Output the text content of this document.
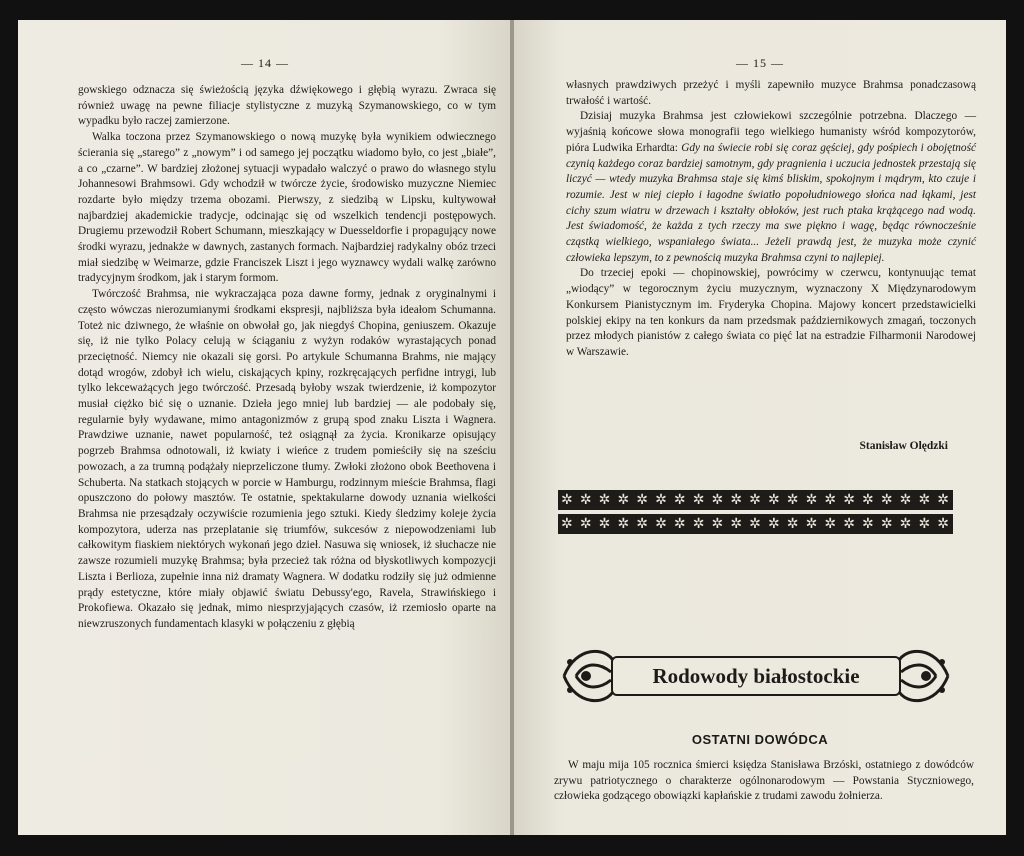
— 14 —

gowskiego odznacza się świeżością języka dźwiękowego i głębią wyrazu. Zwraca się również uwagę na pewne filiacje stylistyczne z muzyką Szymanowskiego, co w tym wypadku było raczej zamierzone.

Walka toczona przez Szymanowskiego o nową muzykę była wynikiem odwiecznego ścierania się „starego” z „nowym” i od samego jej początku wiadomo było, co jest „białe”, a co „czarne”. W bardziej złożonej sytuacji wypadało walczyć o prawo do własnego stylu Johannesowi Brahmsowi. Gdy wchodził w twórcze życie, środowisko muzyczne Niemiec rozdarte było między trzema obozami. Pierwszy, z siedzibą w Lipsku, kultywował najbardziej akademickie tradycje, odcinając się od wszelkich tendencji postępowych. Drugiemu przewodził Robert Schumann, mieszkający w Duesseldorfie i propagujący nowe środki wyrazu, jednakże w dawnych, zastanych formach. Najbardziej radykalny obóz trzeci miał siedzibę w Weimarze, gdzie Franciszek Liszt i jego wyznawcy wydali walkę zarówno tradycyjnym środkom, jak i starym formom.

Twórczość Brahmsa, nie wykraczająca poza dawne formy, jednak z oryginalnymi i często wówczas nierozumianymi środkami ekspresji, najbliższa była ideałom Schumanna. Toteż nic dziwnego, że właśnie on obwołał go, jak niegdyś Chopina, geniuszem. Okazuje się, iż nie tylko Polacy celują w ściąganiu z wyżyn rodaków wyrastających ponad przeciętność. Niemcy nie okazali się gorsi. Po artykule Schumanna Brahms, nie mający dotąd wrogów, zdobył ich wielu, ciskających kpiny, rozkręcających perfidne intrygi, lub tylko lekceważących jego twórczość. Przesadą byłoby wszak twierdzenie, iż kompozytor musiał ciężko bić się o uznanie. Dzieła jego mniej lub bardziej — ale podobały się, regularnie były wydawane, mimo antagonizmów z grupą spod znaku Liszta i Wagnera. Prawdziwe uznanie, nawet popularność, też osiągnął za życia. Kronikarze opisujący pogrzeb Brahmsa odnotowali, iż kwiaty i wieńce z trudem pomieściły się na sześciu powozach, a za trumną podążały nieprzeliczone tłumy. Zwłoki złożono obok Beethovena i Schuberta. Na statkach stojących w porcie w Hamburgu, rodzinnym mieście Brahmsa, flagi opuszczono do połowy masztów. Te ostatnie, spektakularne dowody uznania wielkości Brahmsa nie przesądzały oczywiście rozumienia jego sztuki. Kiedy śledzimy koleje życia kompozytora, uderza nas przeplatanie się triumfów, sukcesów z niepowodzeniami lub całkowitym fiaskiem niektórych wykonań jego dzieł. Nasuwa się wniosek, iż słuchacze nie zawsze rozumieli muzykę Brahmsa; była przecież tak różna od błyskotliwych kompozycji Liszta i Berlioza, zupełnie inna niż dramaty Wagnera. W dodatku rodziły się już odmienne prądy estetyczne, które miały objawić światu Debussy'ego, Ravela, Strawińskiego i Prokofiewa. Okazało się jednak, mimo niesprzyjających czasów, iż rzemiosło oparte na niewzruszonych fundamentach klasyki w połączeniu z głębią

— 15 —

własnych prawdziwych przeżyć i myśli zapewniło muzyce Brahmsa ponadczasową trwałość i wartość.

Dzisiaj muzyka Brahmsa jest człowiekowi szczególnie potrzebna. Dlaczego — wyjaśnią końcowe słowa monografii tego wielkiego humanisty wśród kompozytorów, pióra Ludwika Erhardta: Gdy na świecie robi się coraz gęściej, gdy pośpiech i obojętność czynią każdego coraz bardziej samotnym, gdy pragnienia i uczucia jednostek przestają się liczyć — wtedy muzyka Brahmsa staje się kimś bliskim, spokojnym i mądrym, kto czuje i rozumie. Jest w niej ciepło i łagodne światło popołudniowego słońca nad łąkami, jest cichy szum wiatru w drzewach i kształty obłoków, jest ruch ptaka krążącego nad wodą. Jest świadomość, że każda z tych rzeczy ma swe piękno i wagę, będąc równocześnie cząstką wielkiego, wspaniałego świata... Jeżeli prawdą jest, że muzyka może czynić człowieka lepszym, to z pewnością muzyka Brahmsa czyni to najlepiej.

Do trzeciej epoki — chopinowskiej, powrócimy w czerwcu, kontynuując temat „wiodący” w tegorocznym życiu muzycznym, wyznaczony X Międzynarodowym Konkursem Pianistycznym im. Fryderyka Chopina. Majowy koncert przedstawicielki polskiej ekipy na ten konkurs da nam przedsmak październikowych zmagań, toczonych przez młodych pianistów z całego świata co pięć lat na estradzie Filharmonii Narodowej w Warszawie.

Stanisław Olędzki
✲ ✲ ✲ ✲ ✲ ✲ ✲ ✲ ✲ ✲ ✲ ✲ ✲ ✲ ✲ ✲ ✲ ✲ ✲ ✲ ✲
✲ ✲ ✲ ✲ ✲ ✲ ✲ ✲ ✲ ✲ ✲ ✲ ✲ ✲ ✲ ✲ ✲ ✲ ✲ ✲ ✲
Rodowody białostockie
OSTATNI DOWÓDCA

W maju mija 105 rocznica śmierci księdza Stanisława Brzóski, ostatniego z dowódców zrywu patriotycznego o charakterze ogólnonarodowym — Powstania Styczniowego, człowieka godzącego obowiązki kapłańskie z trudami zawodu żołnierza.
